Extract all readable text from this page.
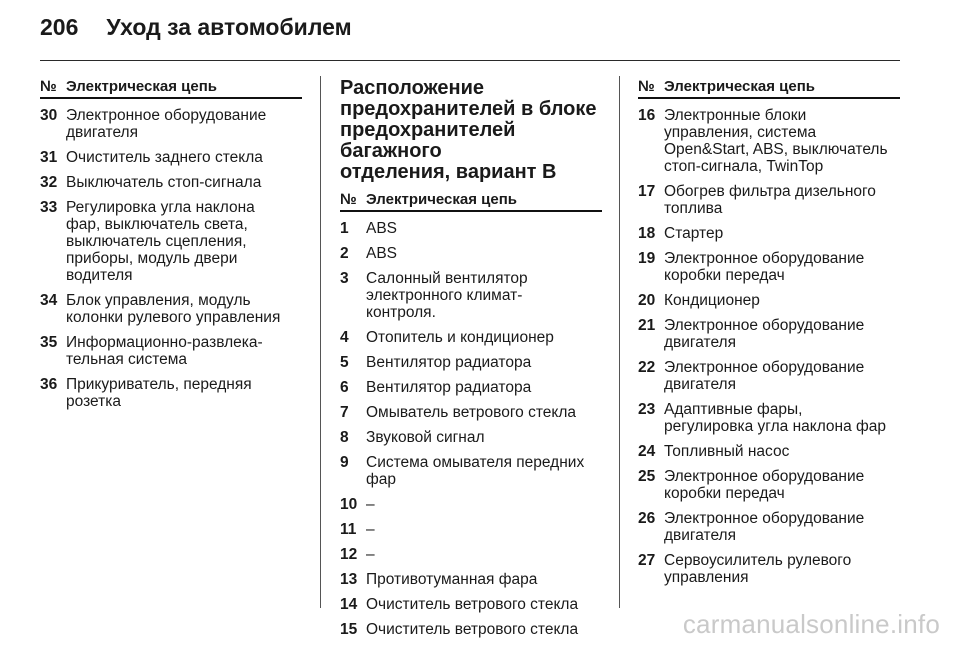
206 Уход за автомобилем
№ Электрическая цепь
30 Электронное оборудование
двигателя
31 Очиститель заднего стекла
32 Выключатель стоп-сигнала
33 Регулировка угла наклона
фар, выключатель света,
выключатель сцепления,
приборы, модуль двери
водителя
34 Блок управления, модуль
колонки рулевого управления
35 Информационно-развлека-
тельная система
36 Прикуриватель, передняя
розетка
Расположение
предохранителей в блоке
предохранителей багажного
отделения, вариант В
№ Электрическая цепь
1	ABS
2	ABS
3	Салонный вентилятор
электронного климат-
контроля.
4	Отопитель и кондиционер
5	Вентилятор радиатора
6	Вентилятор радиатора
7	Омыватель ветрового стекла
8	Звуковой сигнал
9	Система омывателя передних
фар
10 –
11 –
12 –
13 Противотуманная фара
14 Очиститель ветрового стекла
15 Очиститель ветрового стекла
№ Электрическая цепь
16 Электронные блоки
управления, система
Open&Start, ABS, выключатель
стоп-сигнала, TwinTop
17 Обогрев фильтра дизельного
топлива
18 Стартер
19 Электронное оборудование
коробки передач
20 Кондиционер
21 Электронное оборудование
двигателя
22 Электронное оборудование
двигателя
23 Адаптивные фары,
регулировка угла наклона фар
24 Топливный насос
25 Электронное оборудование
коробки передач
26 Электронное оборудование
двигателя
27 Сервоусилитель рулевого
управления
carmanualsonline.info
